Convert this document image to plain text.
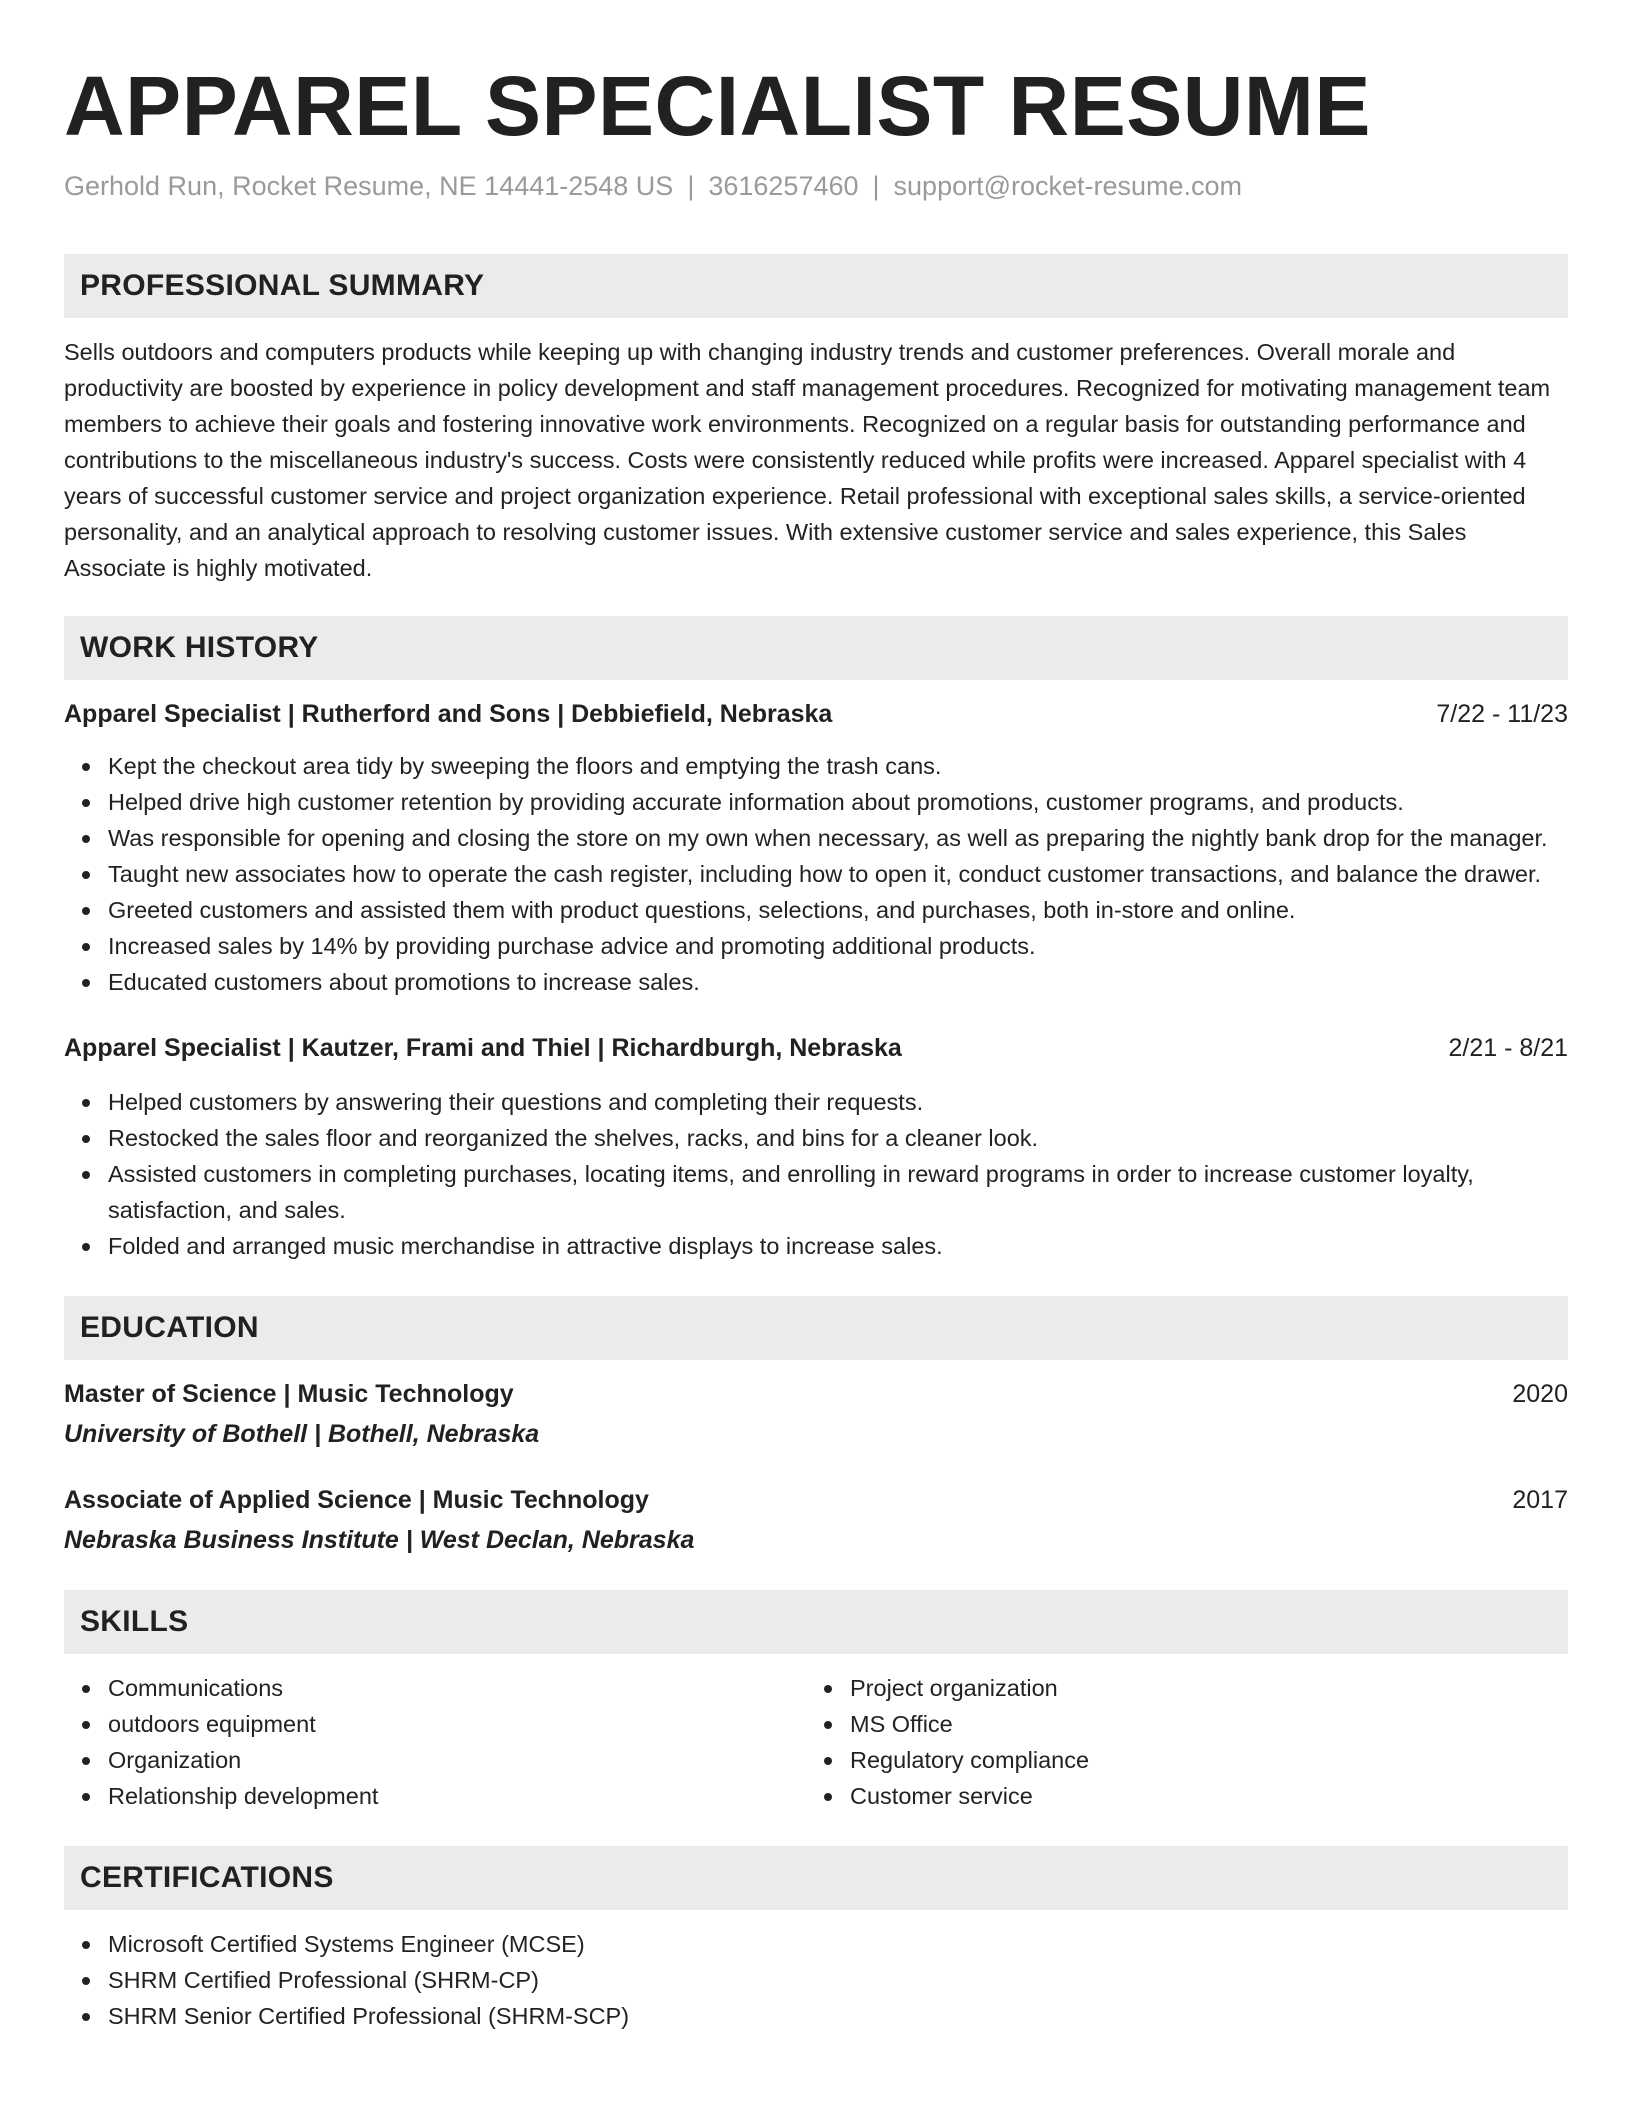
APPAREL SPECIALIST RESUME
Gerhold Run, Rocket Resume, NE 14441-2548 US | 3616257460 | support@rocket-resume.com
PROFESSIONAL SUMMARY

Sells outdoors and computers products while keeping up with changing industry trends and customer preferences. Overall morale and productivity are boosted by experience in policy development and staff management procedures. Recognized for motivating management team members to achieve their goals and fostering innovative work environments. Recognized on a regular basis for outstanding performance and contributions to the miscellaneous industry's success. Costs were consistently reduced while profits were increased. Apparel specialist with 4 years of successful customer service and project organization experience. Retail professional with exceptional sales skills, a service-oriented personality, and an analytical approach to resolving customer issues. With extensive customer service and sales experience, this Sales Associate is highly motivated.

WORK HISTORY
Apparel Specialist | Rutherford and Sons | Debbiefield, Nebraska	7/22 - 11/23
Kept the checkout area tidy by sweeping the floors and emptying the trash cans.
Helped drive high customer retention by providing accurate information about promotions, customer programs, and products.
Was responsible for opening and closing the store on my own when necessary, as well as preparing the nightly bank drop for the manager.
Taught new associates how to operate the cash register, including how to open it, conduct customer transactions, and balance the drawer.
Greeted customers and assisted them with product questions, selections, and purchases, both in-store and online.
Increased sales by 14% by providing purchase advice and promoting additional products.
Educated customers about promotions to increase sales.
Apparel Specialist | Kautzer, Frami and Thiel | Richardburgh, Nebraska	2/21 - 8/21
Helped customers by answering their questions and completing their requests.
Restocked the sales floor and reorganized the shelves, racks, and bins for a cleaner look.
Assisted customers in completing purchases, locating items, and enrolling in reward programs in order to increase customer loyalty, satisfaction, and sales.
Folded and arranged music merchandise in attractive displays to increase sales.
EDUCATION
Master of Science | Music Technology	2020
University of Bothell | Bothell, Nebraska
Associate of Applied Science | Music Technology	2017
Nebraska Business Institute | West Declan, Nebraska
SKILLS
Communications
outdoors equipment
Organization
Relationship development
Project organization
MS Office
Regulatory compliance
Customer service
CERTIFICATIONS
Microsoft Certified Systems Engineer (MCSE)
SHRM Certified Professional (SHRM-CP)
SHRM Senior Certified Professional (SHRM-SCP)
